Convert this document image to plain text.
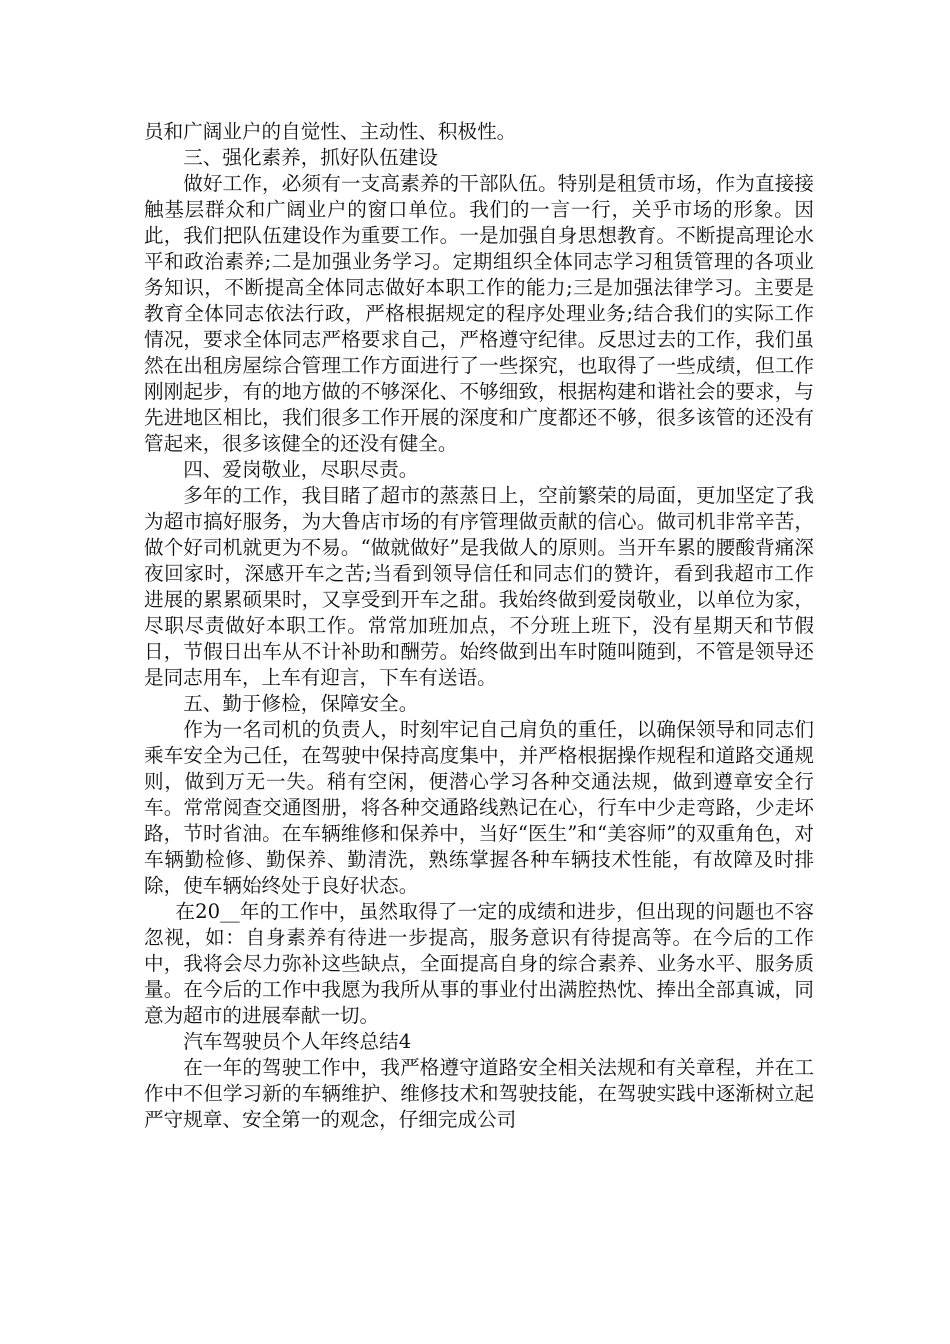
员和广阔业户的自觉性、主动性、积极性。

三、强化素养，抓好队伍建设

做好工作，必须有一支高素养的干部队伍。特别是租赁市场，作为直接接触基层群众和广阔业户的窗口单位。我们的一言一行，关乎市场的形象。因此，我们把队伍建设作为重要工作。一是加强自身思想教育。不断提高理论水平和政治素养;二是加强业务学习。定期组织全体同志学习租赁管理的各项业务知识，不断提高全体同志做好本职工作的能力;三是加强法律学习。主要是教育全体同志依法行政，严格根据规定的程序处理业务;结合我们的实际工作情况，要求全体同志严格要求自己，严格遵守纪律。反思过去的工作，我们虽然在出租房屋综合管理工作方面进行了一些探究，也取得了一些成绩，但工作刚刚起步，有的地方做的不够深化、不够细致，根据构建和谐社会的要求，与先进地区相比，我们很多工作开展的深度和广度都还不够，很多该管的还没有管起来，很多该健全的还没有健全。

四、爱岗敬业，尽职尽责。

多年的工作，我目睹了超市的蒸蒸日上，空前繁荣的局面，更加坚定了我为超市搞好服务，为大鲁店市场的有序管理做贡献的信心。做司机非常辛苦，做个好司机就更为不易。“做就做好”是我做人的原则。当开车累的腰酸背痛深夜回家时，深感开车之苦;当看到领导信任和同志们的赞许，看到我超市工作进展的累累硕果时，又享受到开车之甜。我始终做到爱岗敬业，以单位为家，尽职尽责做好本职工作。常常加班加点，不分班上班下，没有星期天和节假日，节假日出车从不计补助和酬劳。始终做到出车时随叫随到，不管是领导还是同志用车，上车有迎言，下车有送语。

五、勤于修检，保障安全。

作为一名司机的负责人，时刻牢记自己肩负的重任，以确保领导和同志们乘车安全为己任，在驾驶中保持高度集中，并严格根据操作规程和道路交通规则，做到万无一失。稍有空闲，便潜心学习各种交通法规，做到遵章安全行车。常常阅查交通图册，将各种交通路线熟记在心，行车中少走弯路，少走坏路，节时省油。在车辆维修和保养中，当好“医生”和“美容师”的双重角色，对车辆勤检修、勤保养、勤清洗，熟练掌握各种车辆技术性能，有故障及时排除，使车辆始终处于良好状态。

在20__年的工作中，虽然取得了一定的成绩和进步，但出现的问题也不容忽视，如：自身素养有待进一步提高，服务意识有待提高等。在今后的工作中，我将会尽力弥补这些缺点，全面提高自身的综合素养、业务水平、服务质量。在今后的工作中我愿为我所从事的事业付出满腔热忱、捧出全部真诚，同意为超市的进展奉献一切。

汽车驾驶员个人年终总结4

在一年的驾驶工作中，我严格遵守道路安全相关法规和有关章程，并在工作中不但学习新的车辆维护、维修技术和驾驶技能，在驾驶实践中逐渐树立起严守规章、安全第一的观念，仔细完成公司
